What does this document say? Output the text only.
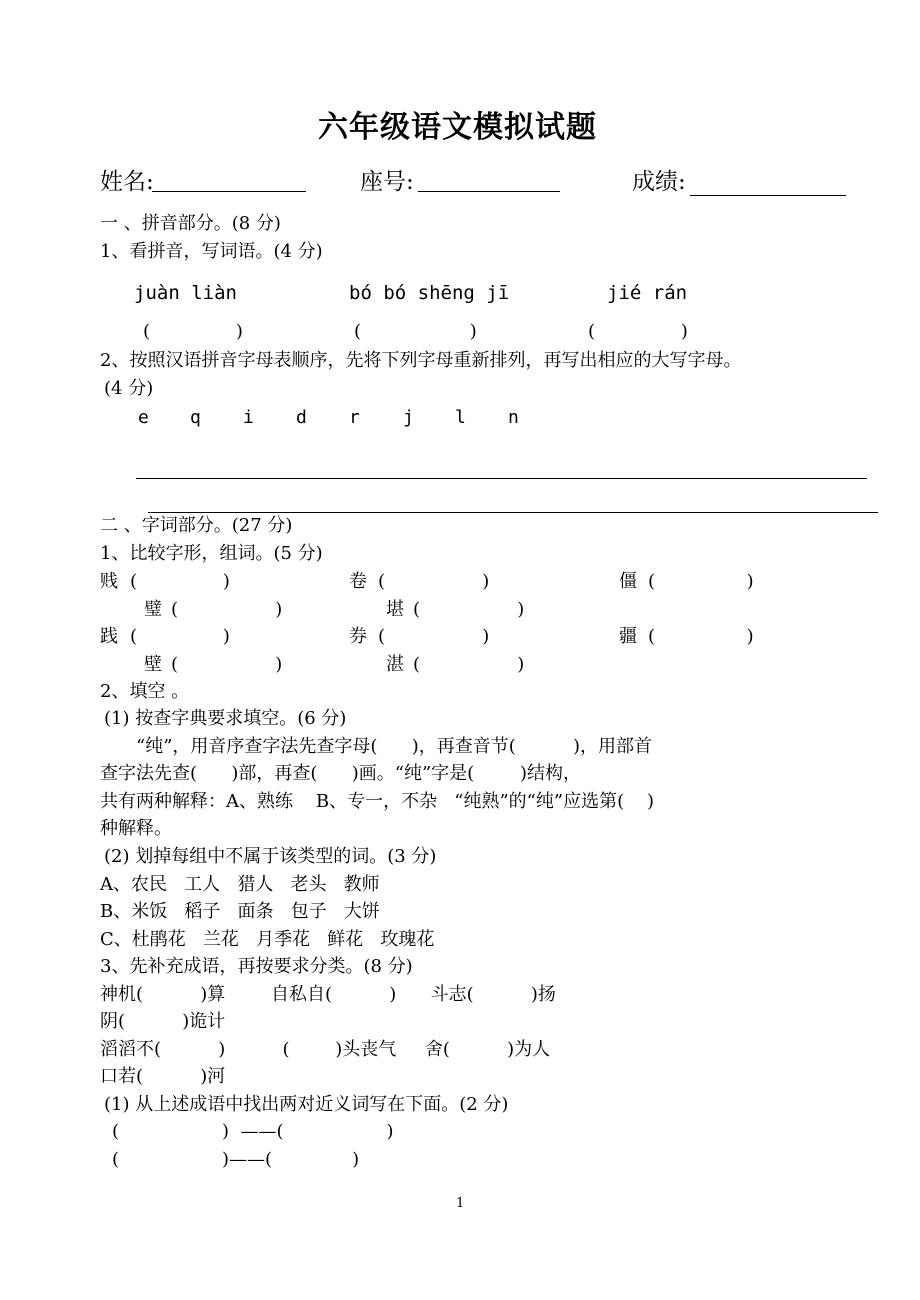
六年级语文模拟试题
姓名:	座号:	成绩:
一 、拼音部分。(8 分)
1、看拼音，写词语。(4 分)
juàn liàn	bó bó shēng jī	jié rán
(               )	(                   )	(               )
2、按照汉语拼音字母表顺序，先将下列字母重新排列，再写出相应的大写字母。
(4 分)
e q i d r j l n
二 、字词部分。(27 分)
1、比较字形，组词。(5 分)
贱 (               )	卷 (                 )	僵 (                )
璧 (                 )	堪 (                 )
践 (               )	券 (                 )	疆 (                )
壁 (                 )	湛 (                 )
2、填空 。
(1) 按查字典要求填空。(6 分)
“纯”，用音序查字法先查字母(      )，再查音节(          )，用部首
查字法先查(      )部，再查(      )画。“纯”字是(        )结构，
共有两种解释：A、熟练    B、专一，不杂   “纯熟”的“纯”应选第(    )
种解释。
(2) 划掉每组中不属于该类型的词。(3 分)
A、农民   工人   猎人   老头   教师
B、米饭   稻子   面条   包子   大饼
C、杜鹃花   兰花   月季花   鲜花   玫瑰花
3、先补充成语，再按要求分类。(8 分)
神机(          )算        自私自(          )      斗志(          )扬
阴(          )诡计
滔滔不(          )          (        )头丧气     舍(          )为人
口若(          )河
(1) 从上述成语中找出两对近义词写在下面。(2 分)
(                  )  ——(                  )
(                  )——(              )
1
